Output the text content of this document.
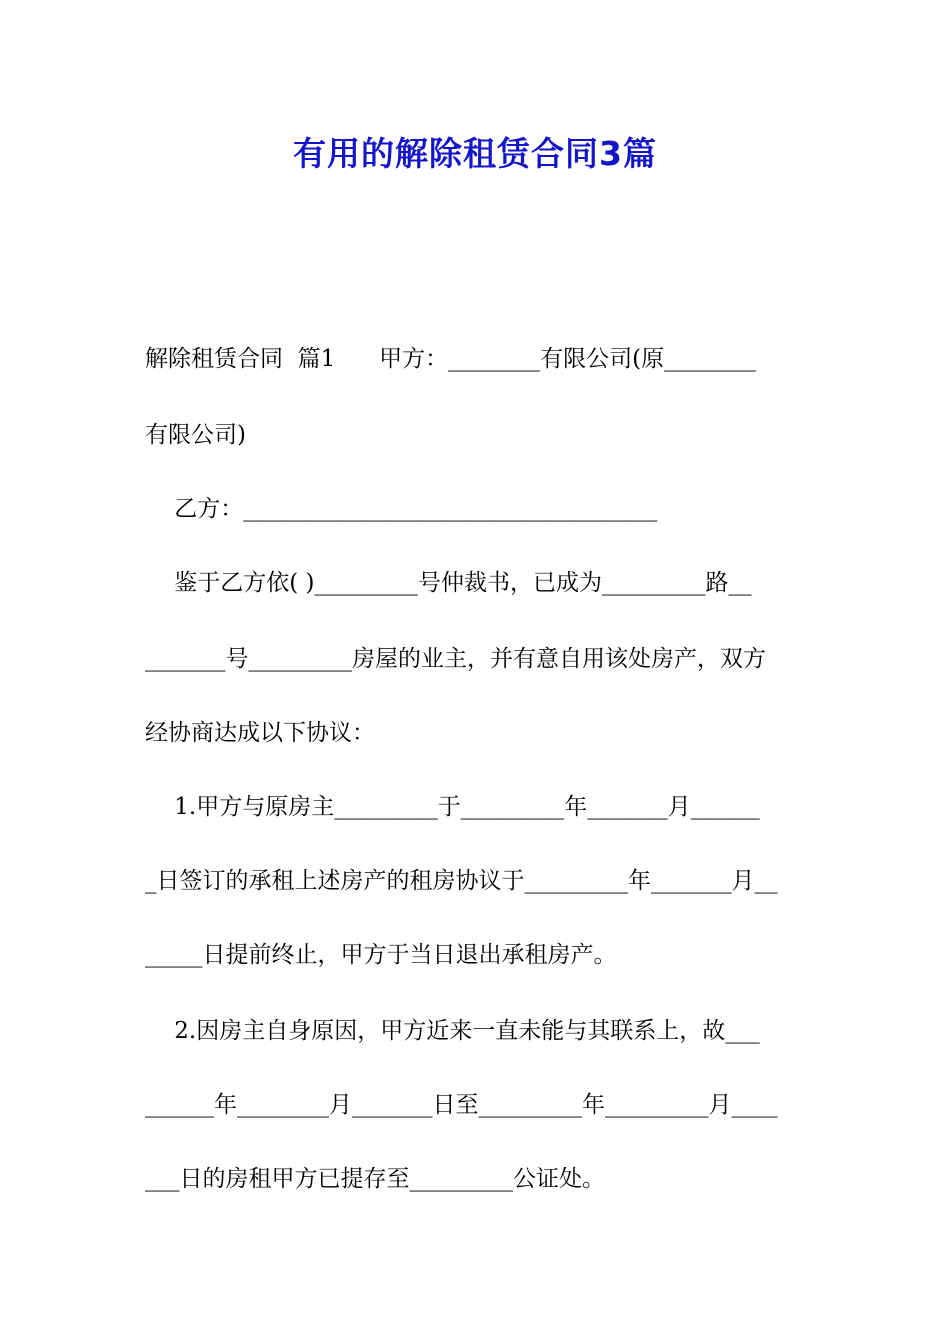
有用的解除租赁合同3篇

解除租赁合同  篇1      甲方：________有限公司(原________

有限公司)

乙方：____________________________________

鉴于乙方依( )_________号仲裁书，已成为_________路__

_______号_________房屋的业主，并有意自用该处房产，双方

经协商达成以下协议：

1.甲方与原房主_________于_________年_______月______

_日签订的承租上述房产的租房协议于_________年_______月__

_____日提前终止，甲方于当日退出承租房产。

2.因房主自身原因，甲方近来一直未能与其联系上，故___

______年________月_______日至_________年_________月____

___日的房租甲方已提存至_________公证处。
